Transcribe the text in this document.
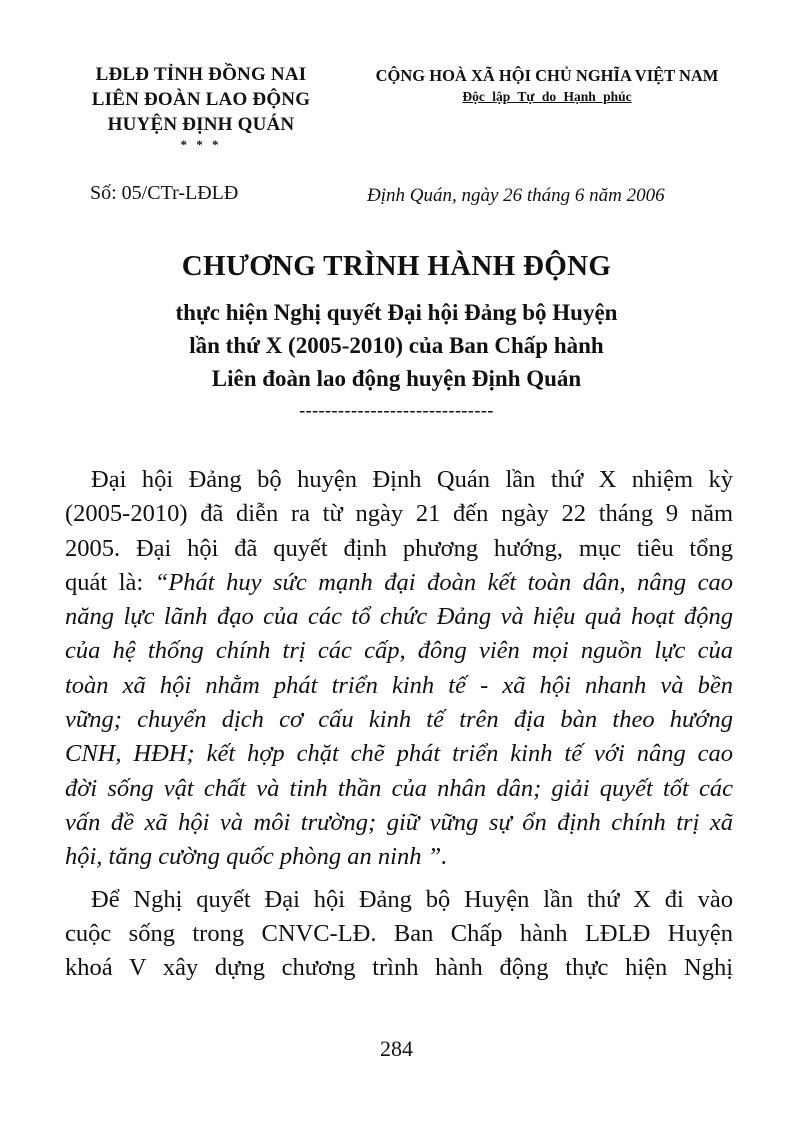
LĐLĐ TỈNH ĐỒNG NAI
LIÊN ĐOÀN LAO ĐỘNG
HUYỆN ĐỊNH QUÁN
* * *
CỘNG HOÀ XÃ HỘI CHỦ NGHĨA VIỆT NAM
Độc lập Tự do Hạnh phúc
Số: 05/CTr-LĐLĐ	Định Quán, ngày 26 tháng 6 năm 2006
CHƯƠNG TRÌNH HÀNH ĐỘNG
thực hiện Nghị quyết Đại hội Đảng bộ Huyện
lần thứ X (2005-2010) của Ban Chấp hành
Liên đoàn lao động huyện Định Quán
------------------------------

Đại hội Đảng bộ huyện Định Quán lần thứ X nhiệm kỳ
(2005-2010) đã diễn ra từ ngày 21 đến ngày 22 tháng 9 năm
2005. Đại hội đã quyết định phương hướng, mục tiêu tổng
quát là: “Phát huy sức mạnh đại đoàn kết toàn dân, nâng cao
năng lực lãnh đạo của các tổ chức Đảng và hiệu quả hoạt động
của hệ thống chính trị các cấp, đông viên mọi nguồn lực của
toàn xã hội nhằm phát triển kinh tế - xã hội nhanh và bền
vững; chuyển dịch cơ cấu kinh tế trên địa bàn theo hướng
CNH, HĐH; kết hợp chặt chẽ phát triển kinh tế với nâng cao
đời sống vật chất và tinh thần của nhân dân; giải quyết tốt các
vấn đề xã hội và môi trường; giữ vững sự ổn định chính trị xã
hội, tăng cường quốc phòng an ninh ”.

Để Nghị quyết Đại hội Đảng bộ Huyện lần thứ X đi vào
cuộc sống trong CNVC-LĐ. Ban Chấp hành LĐLĐ Huyện
khoá V xây dựng chương trình hành động thực hiện Nghị

284
